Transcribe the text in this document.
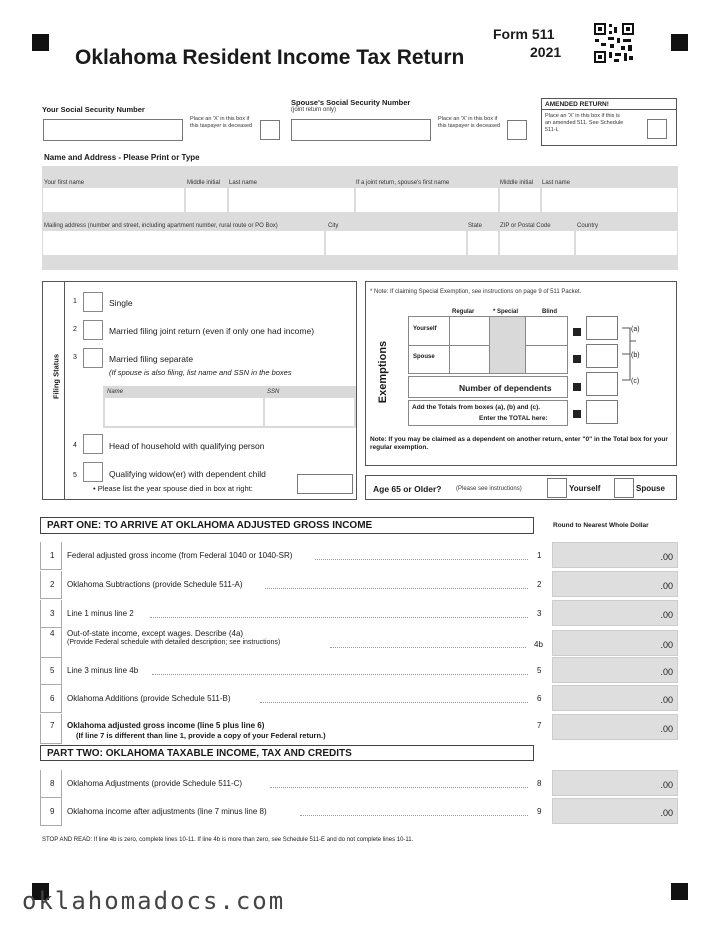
Oklahoma Resident Income Tax Return
Form 511
2021
Your Social Security Number
Place an 'X' in this box if this taxpayer is deceased
Spouse's Social Security Number
(joint return only)
Place an 'X' in this box if this taxpayer is deceased
AMENDED RETURN!
Place an 'X' in this box if this is an amended 511. See Schedule 511-L
Name and Address - Please Print or Type
Your first name	Middle initial Last name	If a joint return, spouse's first name	Middle initial Last name
Mailing address (number and street, including apartment number, rural route or PO Box)	City	State	ZIP or Postal Code	Country
Filing Status
1	Single
2	Married filing joint return (even if only one had income)
3	Married filing separate
(If spouse is also filing, list name and SSN in the boxes
Name	SSN
4	Head of household with qualifying person
5	Qualifying widow(er) with dependent child
• Please list the year spouse died in box at right:
* Note: If claiming Special Exemption, see instructions on page 9 of 511 Packet.
Exemptions
Regular	* Special	Blind
Yourself
Spouse
Number of dependents
Add the Totals from boxes (a), (b) and (c).
Enter the TOTAL here:
(a)
(b)
(c)
Note: If you may be claimed as a dependent on another return, enter "0" in the Total box for your regular exemption.
Age 65 or Older? (Please see instructions)	Yourself	Spouse
PART ONE: TO ARRIVE AT OKLAHOMA ADJUSTED GROSS INCOME	Round to Nearest Whole Dollar
1 Federal adjusted gross income (from Federal 1040 or 1040-SR)	1	.00
2 Oklahoma Subtractions (provide Schedule 511-A)	2	.00
3 Line 1 minus line 2	3	.00
4 Out-of-state income, except wages. Describe (4a)
(Provide Federal schedule with detailed description; see instructions)	4b	.00
5 Line 3 minus line 4b	5	.00
6 Oklahoma Additions (provide Schedule 511-B)	6	.00
7 Oklahoma adjusted gross income (line 5 plus line 6)
(If line 7 is different than line 1, provide a copy of your Federal return.)
7	.00
PART TWO: OKLAHOMA TAXABLE INCOME, TAX AND CREDITS
8 Oklahoma Adjustments (provide Schedule 511-C)	8	.00
9 Oklahoma income after adjustments (line 7 minus line 8)	9	.00
STOP AND READ: If line 4b is zero, complete lines 10-11. If line 4b is more than zero, see Schedule 511-E and do not complete lines 10-11.
oklahomadocs.com
